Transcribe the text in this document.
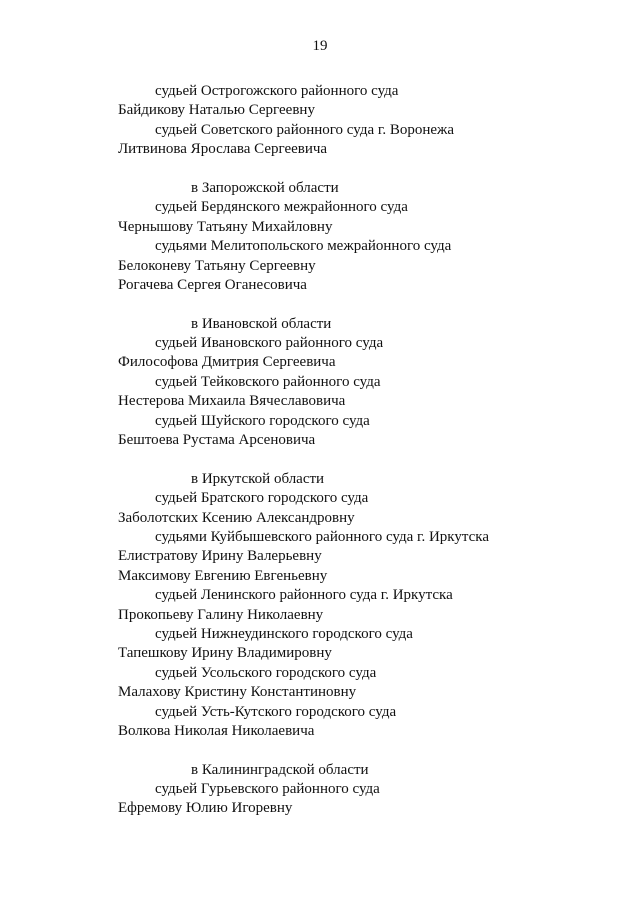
19
судьей Острогожского районного суда
Байдикову Наталью Сергеевну
судьей Советского районного суда г. Воронежа
Литвинова Ярослава Сергеевича
в Запорожской области
судьей Бердянского межрайонного суда
Чернышову Татьяну Михайловну
судьями Мелитопольского межрайонного суда
Белоконеву Татьяну Сергеевну
Рогачева Сергея Оганесовича
в Ивановской области
судьей Ивановского районного суда
Философова Дмитрия Сергеевича
судьей Тейковского районного суда
Нестерова Михаила Вячеславовича
судьей Шуйского городского суда
Бештоева Рустама Арсеновича
в Иркутской области
судьей Братского городского суда
Заболотских Ксению Александровну
судьями Куйбышевского районного суда г. Иркутска
Елистратову Ирину Валерьевну
Максимову Евгению Евгеньевну
судьей Ленинского районного суда г. Иркутска
Прокопьеву Галину Николаевну
судьей Нижнеудинского городского суда
Тапешкову Ирину Владимировну
судьей Усольского городского суда
Малахову Кристину Константиновну
судьей Усть-Кутского городского суда
Волкова Николая Николаевича
в Калининградской области
судьей Гурьевского районного суда
Ефремову Юлию Игоревну
